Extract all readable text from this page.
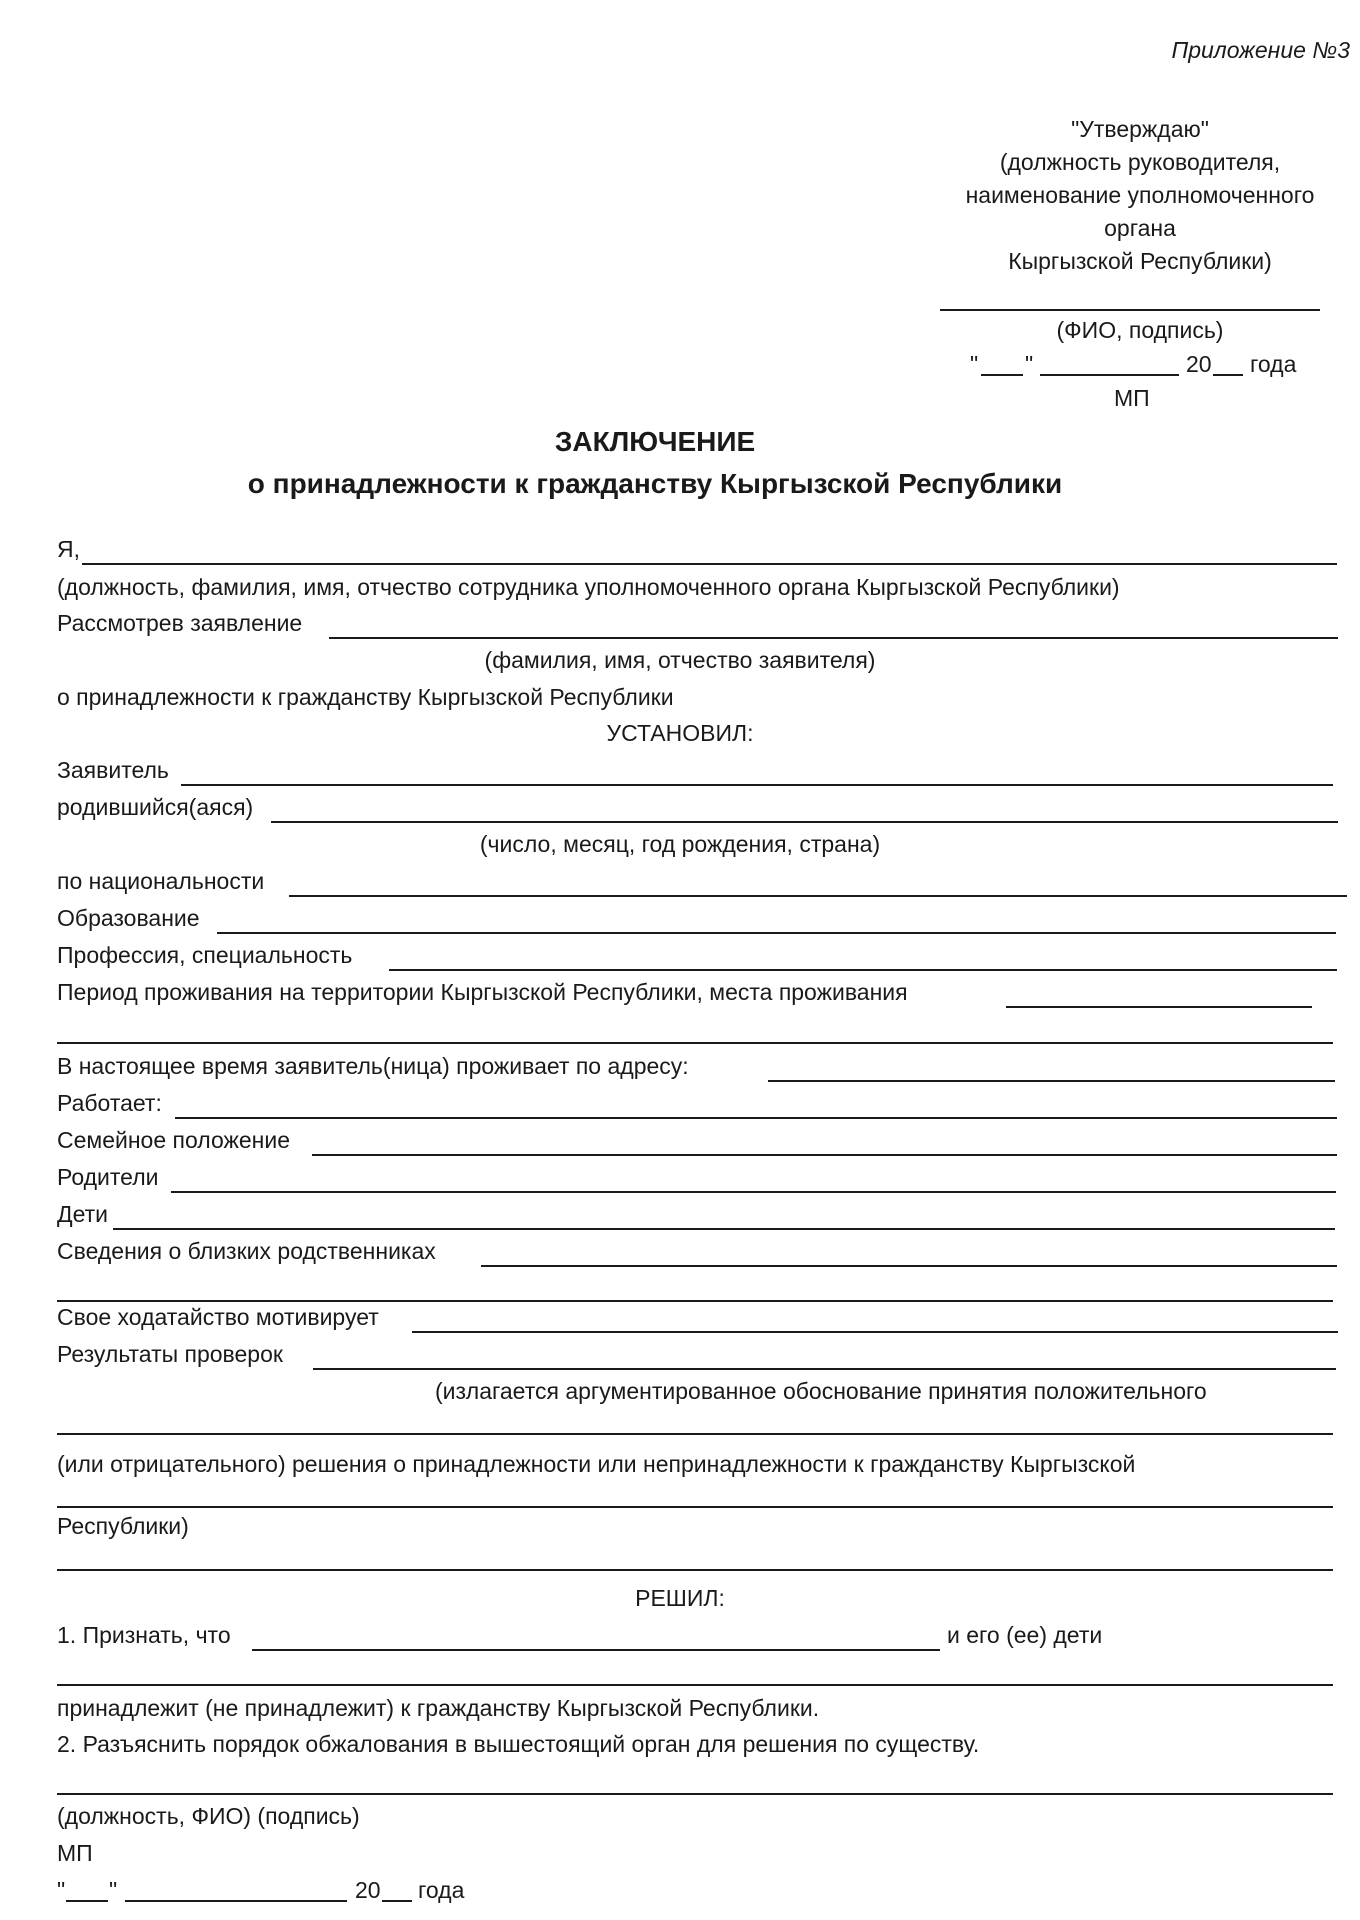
Приложение №3
"Утверждаю"
(должность руководителя,
наименование уполномоченного
органа
Кыргызской Республики)
(ФИО, подпись)
" "	20 года
МП
ЗАКЛЮЧЕНИЕ
о принадлежности к гражданству Кыргызской Республики
Я,
(должность, фамилия, имя, отчество сотрудника уполномоченного органа Кыргызской Республики)
Рассмотрев заявление
(фамилия, имя, отчество заявителя)
о принадлежности к гражданству Кыргызской Республики
УСТАНОВИЛ:
Заявитель
родившийся(аяся)
(число, месяц, год рождения, страна)
по национальности
Образование
Профессия, специальность
Период проживания на территории Кыргызской Республики, места проживания
В настоящее время заявитель(ница) проживает по адресу:
Работает:
Семейное положение
Родители
Дети
Сведения о близких родственниках
Свое ходатайство мотивирует
Результаты проверок
(излагается аргументированное обоснование принятия положительного
(или отрицательного) решения о принадлежности или непринадлежности к гражданству Кыргызской
Республики)
РЕШИЛ:
1. Признать, что	и его (ее) дети
принадлежит (не принадлежит) к гражданству Кыргызской Республики.
2. Разъяснить порядок обжалования в вышестоящий орган для решения по существу.
(должность, ФИО) (подпись)
МП
" "	20 года
